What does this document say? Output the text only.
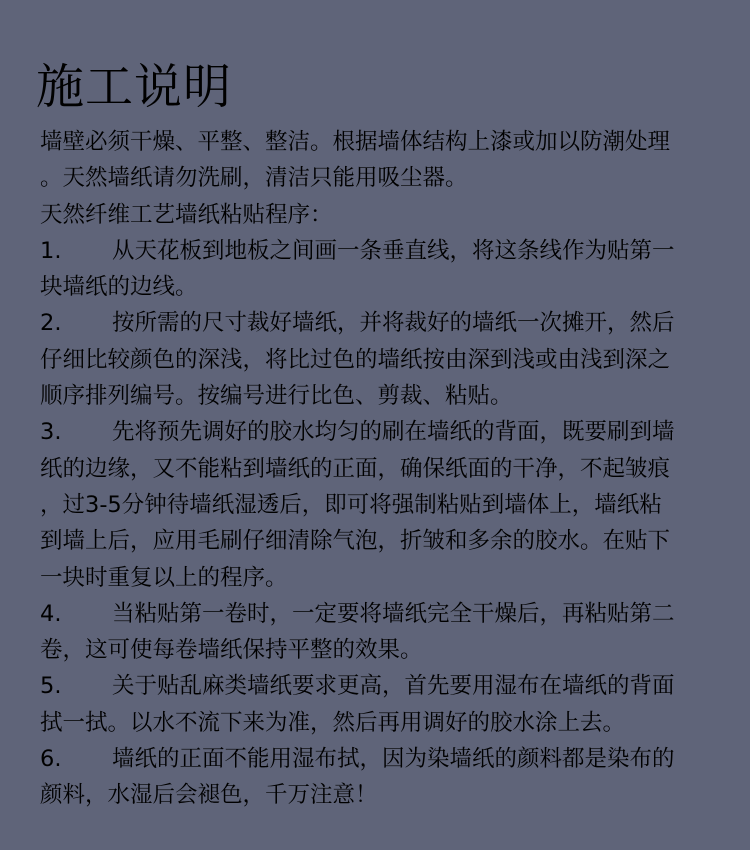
施工说明
墙壁必须干燥、平整、整洁。根据墙体结构上漆或加以防潮处理
。天然墙纸请勿洗刷，清洁只能用吸尘器。
天然纤维工艺墙纸粘贴程序：
1. 从天花板到地板之间画一条垂直线，将这条线作为贴第一
块墙纸的边线。
2. 按所需的尺寸裁好墙纸，并将裁好的墙纸一次摊开，然后
仔细比较颜色的深浅，将比过色的墙纸按由深到浅或由浅到深之
顺序排列编号。按编号进行比色、剪裁、粘贴。
3. 先将预先调好的胶水均匀的刷在墙纸的背面，既要刷到墙
纸的边缘，又不能粘到墙纸的正面，确保纸面的干净，不起皱痕
，过3-5分钟待墙纸湿透后，即可将强制粘贴到墙体上，墙纸粘
到墙上后，应用毛刷仔细清除气泡，折皱和多余的胶水。在贴下
一块时重复以上的程序。
4. 当粘贴第一卷时，一定要将墙纸完全干燥后，再粘贴第二
卷，这可使每卷墙纸保持平整的效果。
5. 关于贴乱麻类墙纸要求更高，首先要用湿布在墙纸的背面
拭一拭。以水不流下来为准，然后再用调好的胶水涂上去。
6. 墙纸的正面不能用湿布拭，因为染墙纸的颜料都是染布的
颜料，水湿后会褪色，千万注意！
